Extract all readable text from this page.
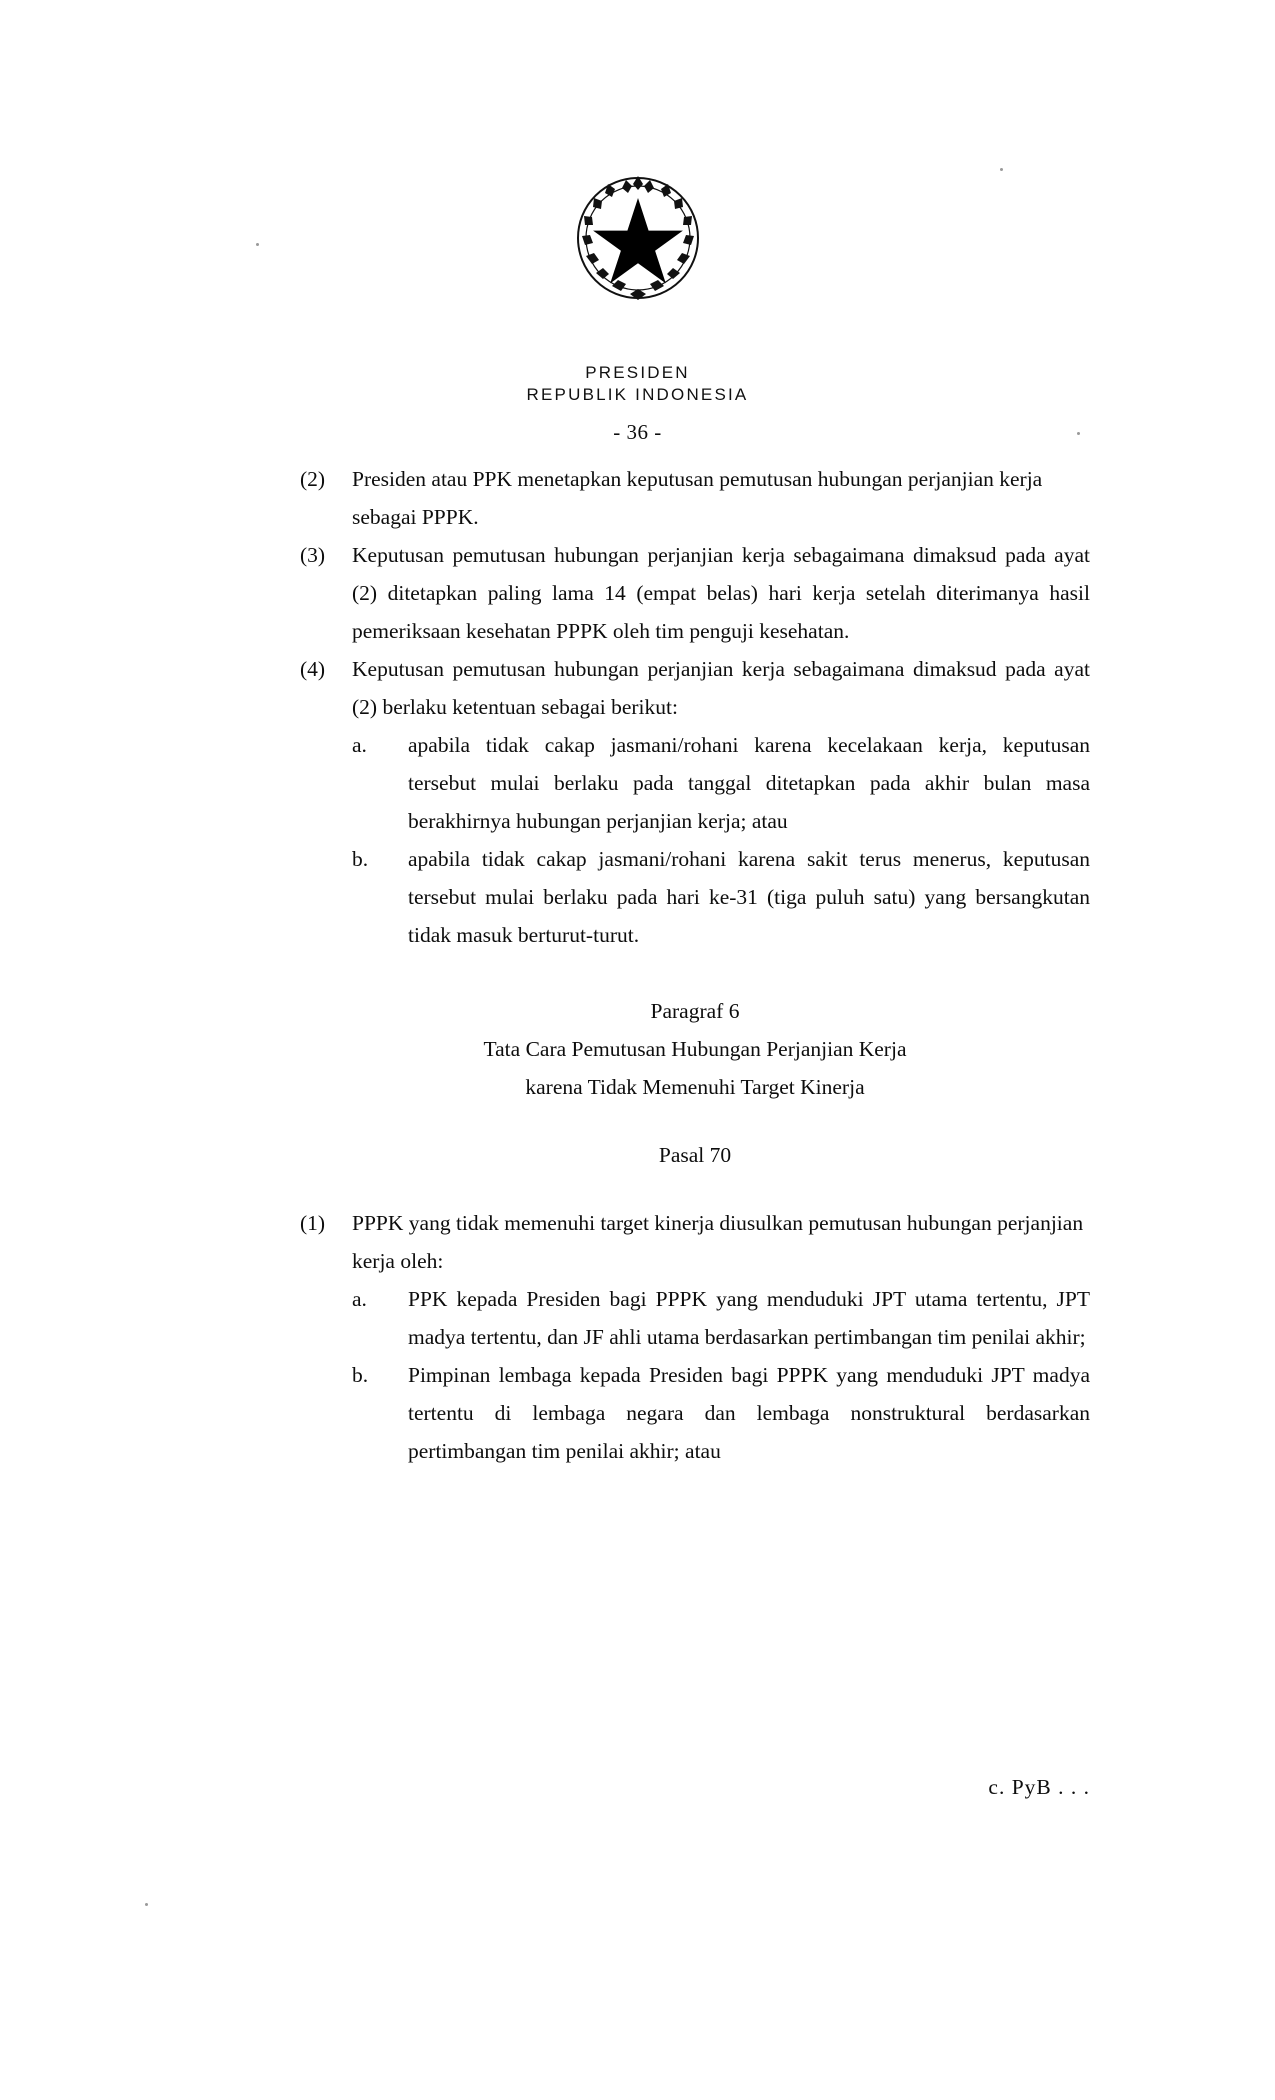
PRESIDEN
REPUBLIK INDONESIA
- 36 -
(2)	Presiden atau PPK menetapkan keputusan pemutusan hubungan perjanjian kerja sebagai PPPK.
(3)	Keputusan pemutusan hubungan perjanjian kerja sebagaimana dimaksud pada ayat (2) ditetapkan paling lama 14 (empat belas) hari kerja setelah diterimanya hasil pemeriksaan kesehatan PPPK oleh tim penguji kesehatan.
(4)	Keputusan pemutusan hubungan perjanjian kerja sebagaimana dimaksud pada ayat (2) berlaku ketentuan sebagai berikut:
a.	apabila tidak cakap jasmani/rohani karena kecelakaan kerja, keputusan tersebut mulai berlaku pada tanggal ditetapkan pada akhir bulan masa berakhirnya hubungan perjanjian kerja; atau
b.	apabila tidak cakap jasmani/rohani karena sakit terus menerus, keputusan tersebut mulai berlaku pada hari ke-31 (tiga puluh satu) yang bersangkutan tidak masuk berturut-turut.
Paragraf 6
Tata Cara Pemutusan Hubungan Perjanjian Kerja
karena Tidak Memenuhi Target Kinerja
Pasal 70
(1)	PPPK yang tidak memenuhi target kinerja diusulkan pemutusan hubungan perjanjian kerja oleh:
a.	PPK kepada Presiden bagi PPPK yang menduduki JPT utama tertentu, JPT madya tertentu, dan JF ahli utama berdasarkan pertimbangan tim penilai akhir;
b.	Pimpinan lembaga kepada Presiden bagi PPPK yang menduduki JPT madya tertentu di lembaga negara dan lembaga nonstruktural berdasarkan pertimbangan tim penilai akhir; atau
c. PyB . . .
